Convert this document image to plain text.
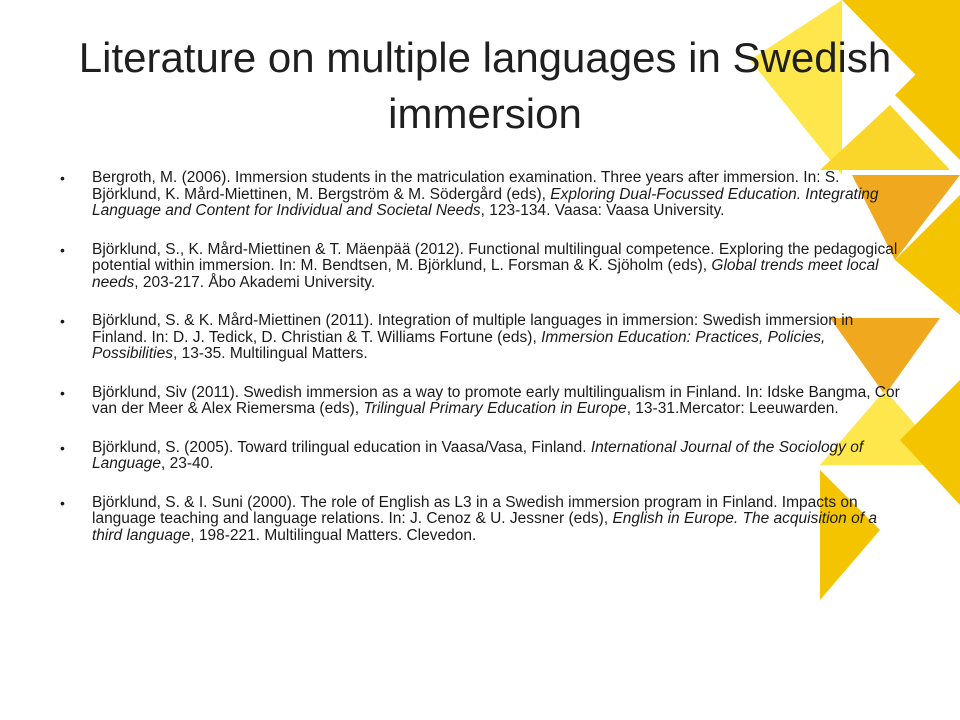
Literature on multiple languages in Swedish immersion
• Bergroth, M. (2006). Immersion students in the matriculation examination. Three years after immersion. In: S. Björklund, K. Mård-Miettinen, M. Bergström & M. Södergård (eds), Exploring Dual-Focussed Education. Integrating Language and Content for Individual and Societal Needs, 123-134. Vaasa: Vaasa University.
• Björklund, S., K. Mård-Miettinen & T. Mäenpää (2012). Functional multilingual competence. Exploring the pedagogical potential within immersion. In: M. Bendtsen, M. Björklund, L. Forsman & K. Sjöholm (eds), Global trends meet local needs, 203-217. Åbo Akademi University.
• Björklund, S. & K. Mård-Miettinen (2011). Integration of multiple languages in immersion: Swedish immersion in Finland. In: D. J. Tedick, D. Christian & T. Williams Fortune (eds), Immersion Education: Practices, Policies, Possibilities, 13-35. Multilingual Matters.
• Björklund, Siv (2011). Swedish immersion as a way to promote early multilingualism in Finland. In: Idske Bangma, Cor van der Meer & Alex Riemersma (eds), Trilingual Primary Education in Europe, 13-31.Mercator: Leeuwarden.
• Björklund, S. (2005). Toward trilingual education in Vaasa/Vasa, Finland. International Journal of the Sociology of Language, 23-40.
• Björklund, S. & I. Suni (2000). The role of English as L3 in a Swedish immersion program in Finland. Impacts on language teaching and language relations. In: J. Cenoz & U. Jessner (eds), English in Europe. The acquisition of a third language, 198-221. Multilingual Matters. Clevedon.
